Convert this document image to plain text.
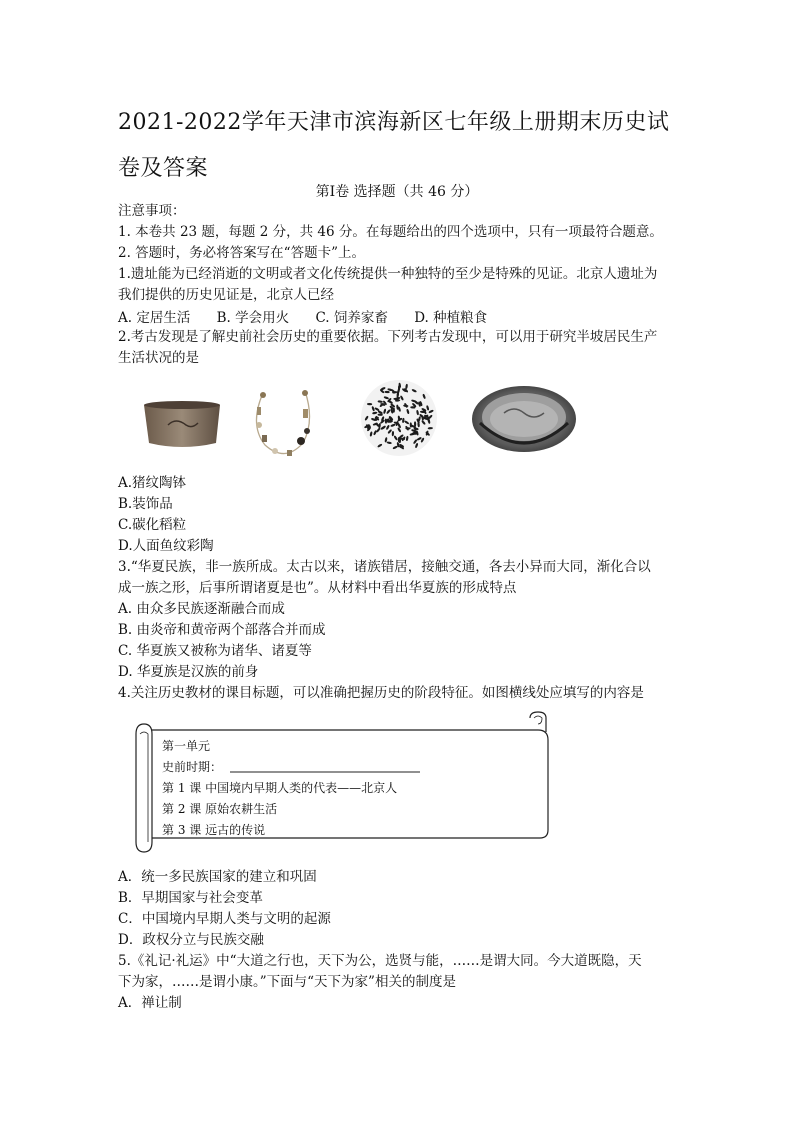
2021-2022学年天津市滨海新区七年级上册期末历史试卷及答案
第Ⅰ卷 选择题（共 46 分）
注意事项：
1. 本卷共 23 题，每题 2 分，共 46 分。在每题给出的四个选项中，只有一项最符合题意。
2. 答题时，务必将答案写在“答题卡”上。
1.遗址能为已经消逝的文明或者文化传统提供一种独特的至少是特殊的见证。北京人遗址为
我们提供的历史见证是，北京人已经
A. 定居生活 B. 学会用火 C. 饲养家畜 D. 种植粮食
2.考古发现是了解史前社会历史的重要依据。下列考古发现中，可以用于研究半坡居民生产
生活状况的是
A.猪纹陶钵
B.装饰品
C.碳化稻粒
D.人面鱼纹彩陶
3.“华夏民族，非一族所成。太古以来，诸族错居，接触交通，各去小异而大同，渐化合以
成一族之形，后事所谓诸夏是也”。从材料中看出华夏族的形成特点
A. 由众多民族逐渐融合而成
B. 由炎帝和黄帝两个部落合并而成
C. 华夏族又被称为诸华、诸夏等
D. 华夏族是汉族的前身
4.关注历史教材的课目标题，可以准确把握历史的阶段特征。如图横线处应填写的内容是
第一单元
史前时期：
第 1 课 中国境内早期人类的代表——北京人
第 2 课 原始农耕生活
第 3 课 远古的传说
A．统一多民族国家的建立和巩固
B．早期国家与社会变革
C．中国境内早期人类与文明的起源
D．政权分立与民族交融
5.《礼记·礼运》中“大道之行也，天下为公，选贤与能，……是谓大同。今大道既隐，天
下为家，……是谓小康。”下面与“天下为家”相关的制度是
A．禅让制
